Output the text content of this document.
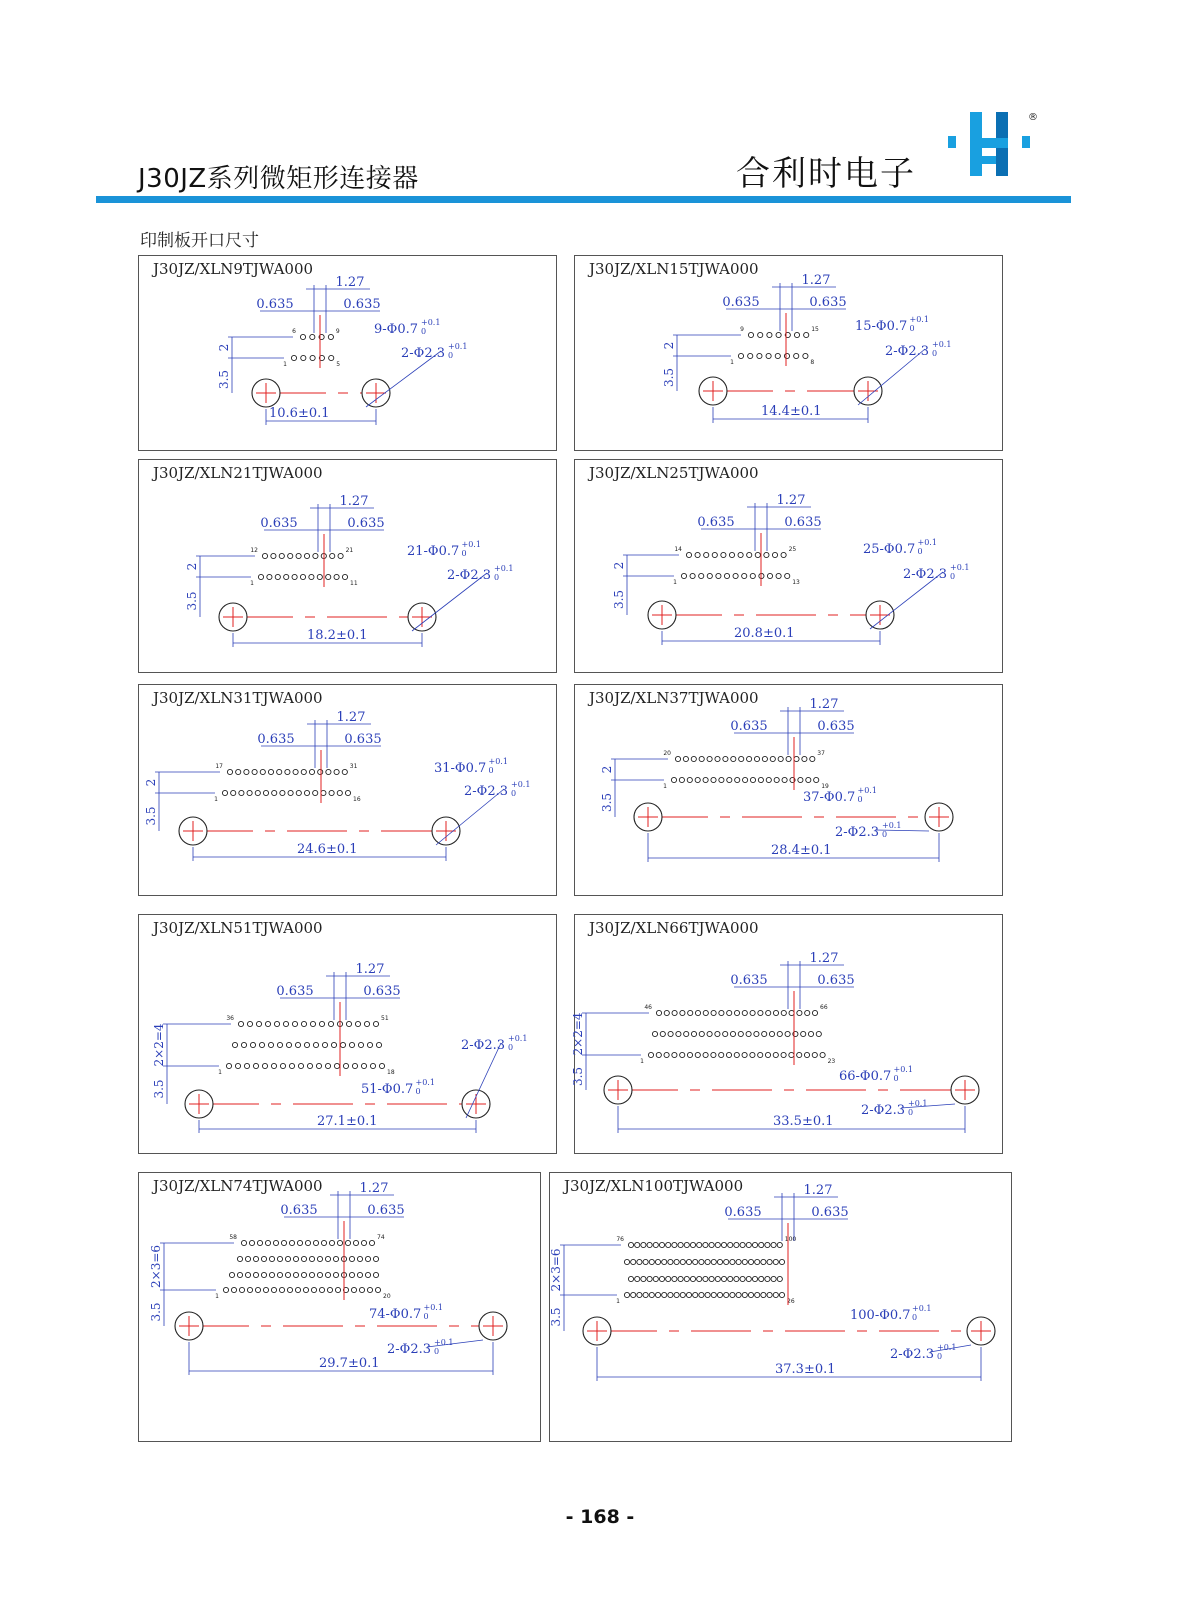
J30JZ系列微矩形连接器	合利时电子
®
印制板开口尺寸
J30JZ/XLN9TJWA000
6	9
1	5
1.27
0.635	0.635
2
3.5
10.6±0.1
9-Φ0.7 +0.1
0
2-Φ2.3 +0.1
0
J30JZ/XLN15TJWA000
9	15
1	8
1.27
0.635	0.635
2
3.5
14.4±0.1
15-Φ0.7 +0.1
0
2-Φ2.3 +0.1
0
J30JZ/XLN21TJWA000
12	21
1	11
1.27
0.635	0.635
2
3.5
18.2±0.1
21-Φ0.7 +0.1
0
2-Φ2.3 +0.1
0
J30JZ/XLN25TJWA000
14	25
1	13
1.27
0.635	0.635
2
3.5
20.8±0.1
25-Φ0.7 +0.1
0
2-Φ2.3 +0.1
0
J30JZ/XLN31TJWA000
17	31
1	16
1.27
0.635	0.635
2
3.5
24.6±0.1
31-Φ0.7 +0.1
0
2-Φ2.3 +0.1
0
J30JZ/XLN37TJWA000
20	37
1	19
1.27
0.635	0.635
2
3.5
28.4±0.1
37-Φ0.7 +0.1
0
2-Φ2.3 +0.1
0
J30JZ/XLN51TJWA000
36	51
1	18
1.27
0.635	0.635
2×2=4
3.5
27.1±0.1
51-Φ0.7 +0.1
0
2-Φ2.3 +0.1
0
J30JZ/XLN66TJWA000
46	66
1	23
1.27
0.635	0.635
2×2=4
3.5
33.5±0.1
66-Φ0.7 +0.1
0
2-Φ2.3 +0.1
0
J30JZ/XLN74TJWA000
58	74
1	20
1.27
0.635	0.635
2×3=6
3.5
29.7±0.1
74-Φ0.7 +0.1
0
2-Φ2.3 +0.1
0
J30JZ/XLN100TJWA000
76	100
1	26
1.27
0.635	0.635
2×3=6
3.5
37.3±0.1
100-Φ0.7 +0.1
0
2-Φ2.3 +0.1
0
- 168 -
